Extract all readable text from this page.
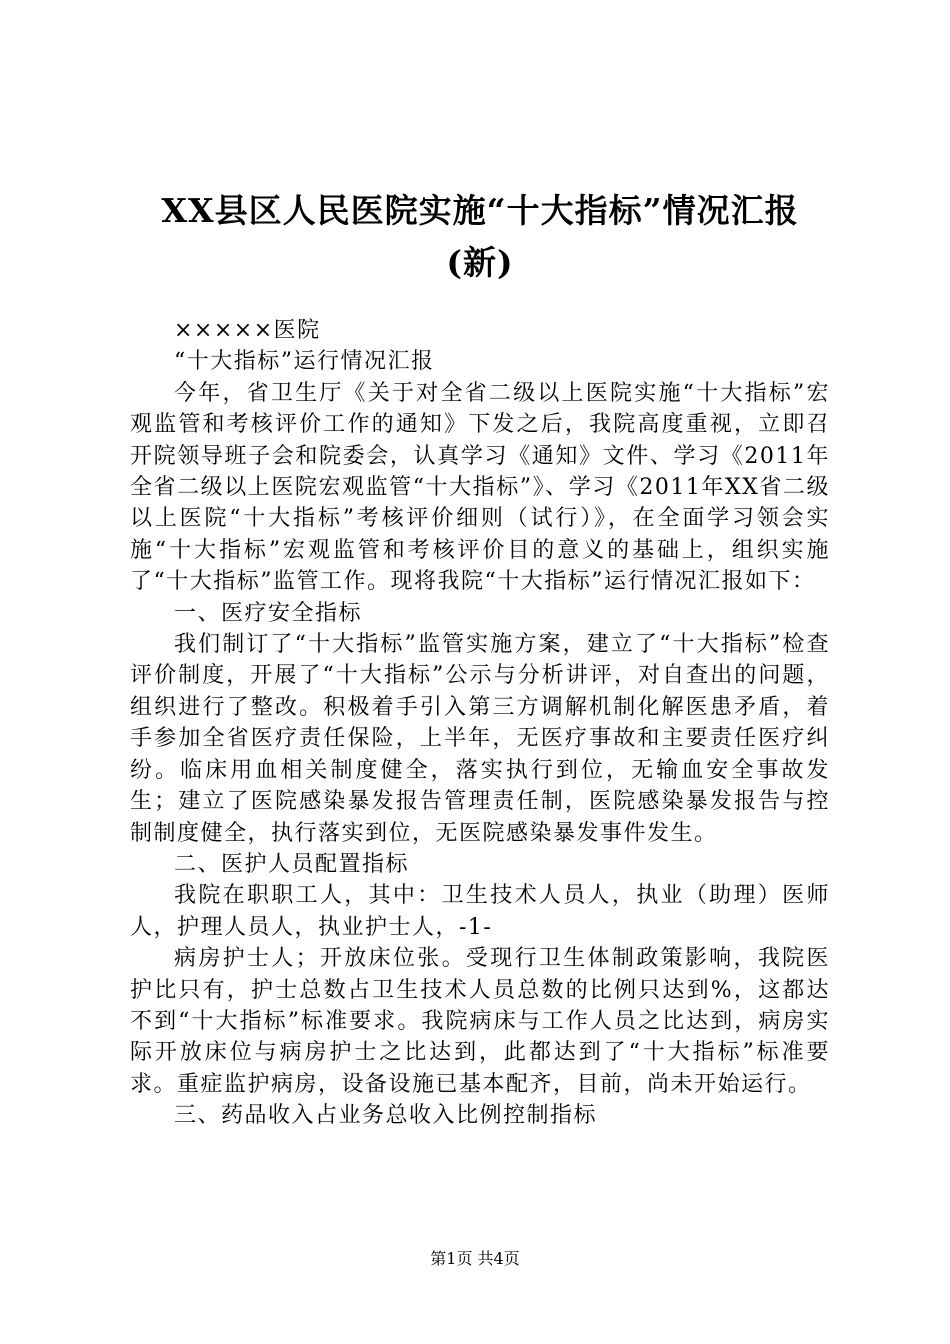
XX县区人民医院实施“十大指标”情况汇报
(新)

×××××医院

“十大指标”运行情况汇报

今年，省卫生厅《关于对全省二级以上医院实施“十大指标”宏观监管和考核评价工作的通知》下发之后，我院高度重视，立即召开院领导班子会和院委会，认真学习《通知》文件、学习《2011年全省二级以上医院宏观监管“十大指标”》、学习《2011年XX省二级以上医院“十大指标”考核评价细则（试行）》，在全面学习领会实施“十大指标”宏观监管和考核评价目的意义的基础上，组织实施了“十大指标”监管工作。现将我院“十大指标”运行情况汇报如下：

一、医疗安全指标

我们制订了“十大指标”监管实施方案，建立了“十大指标”检查评价制度，开展了“十大指标”公示与分析讲评，对自查出的问题，组织进行了整改。积极着手引入第三方调解机制化解医患矛盾，着手参加全省医疗责任保险，上半年，无医疗事故和主要责任医疗纠纷。临床用血相关制度健全，落实执行到位，无输血安全事故发生；建立了医院感染暴发报告管理责任制，医院感染暴发报告与控制制度健全，执行落实到位，无医院感染暴发事件发生。

二、医护人员配置指标

我院在职职工人，其中：卫生技术人员人，执业（助理）医师人，护理人员人，执业护士人，-1-

病房护士人；开放床位张。受现行卫生体制政策影响，我院医护比只有，护士总数占卫生技术人员总数的比例只达到%，这都达不到“十大指标”标准要求。我院病床与工作人员之比达到，病房实际开放床位与病房护士之比达到，此都达到了“十大指标”标准要求。重症监护病房，设备设施已基本配齐，目前，尚未开始运行。

三、药品收入占业务总收入比例控制指标

第1页 共4页
